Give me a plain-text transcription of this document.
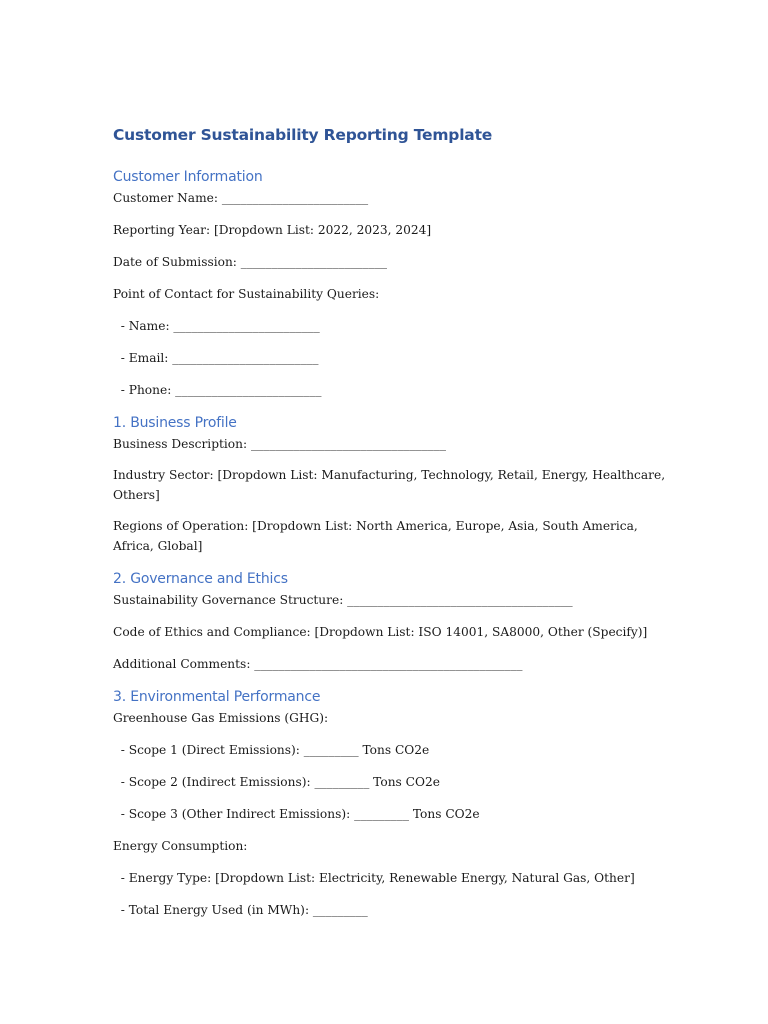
Customer Sustainability Reporting Template
Customer Information

Customer Name: ________________________

Reporting Year: [Dropdown List: 2022, 2023, 2024]

Date of Submission: ________________________

Point of Contact for Sustainability Queries:

- Name: ________________________

- Email: ________________________

- Phone: ________________________

1. Business Profile

Business Description: ________________________________

Industry Sector: [Dropdown List: Manufacturing, Technology, Retail, Energy, Healthcare, Others]

Regions of Operation: [Dropdown List: North America, Europe, Asia, South America, Africa, Global]

2. Governance and Ethics

Sustainability Governance Structure: _____________________________________

Code of Ethics and Compliance: [Dropdown List: ISO 14001, SA8000, Other (Specify)]

Additional Comments: ____________________________________________

3. Environmental Performance

Greenhouse Gas Emissions (GHG):

- Scope 1 (Direct Emissions): _________ Tons CO2e

- Scope 2 (Indirect Emissions): _________ Tons CO2e

- Scope 3 (Other Indirect Emissions): _________ Tons CO2e

Energy Consumption:

- Energy Type: [Dropdown List: Electricity, Renewable Energy, Natural Gas, Other]

- Total Energy Used (in MWh): _________
